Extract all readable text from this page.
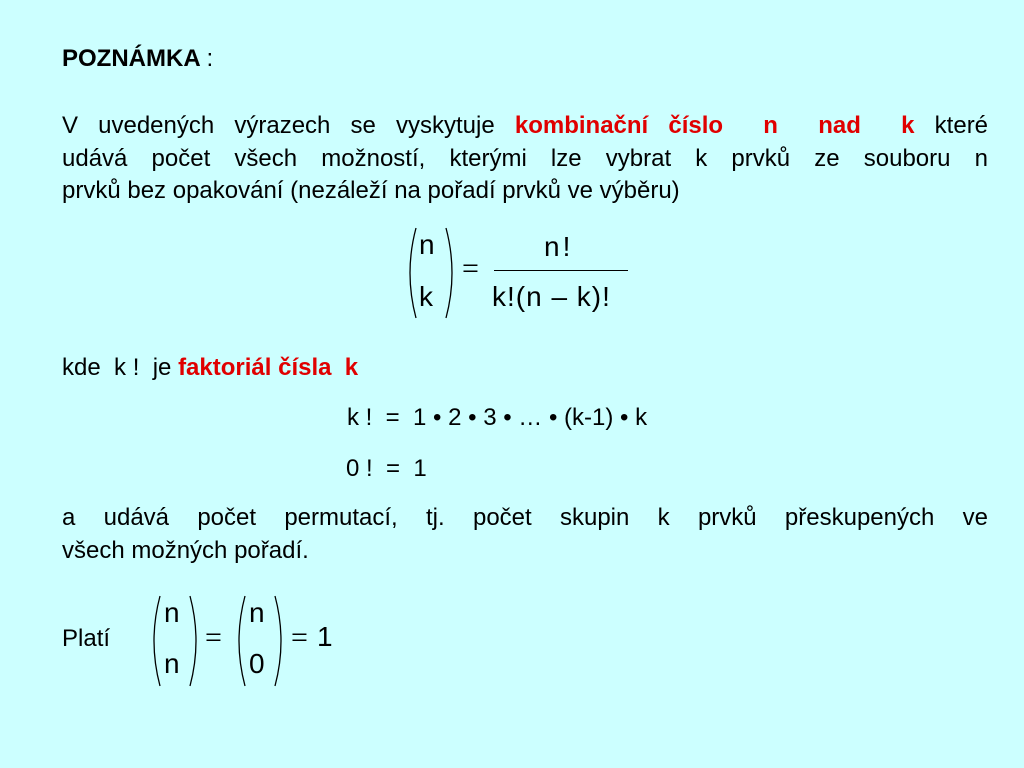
POZNÁMKA :
V uvedených výrazech se vyskytuje kombinační číslo  n  nad  k které
udává počet všech možností, kterými lze vybrat k prvků ze souboru n
prvků bez opakování (nezáleží na pořadí prvků ve výběru)
n
k
=
n!
k!(n – k)!
kde  k !  je faktoriál čísla  k
k !  =  1 • 2 • 3 • … • (k-1) • k
0 !  =  1
a udává počet permutací, tj. počet skupin k prvků přeskupených ve
všech možných pořadí.
Platí
n
n
=
n
0
= 1
